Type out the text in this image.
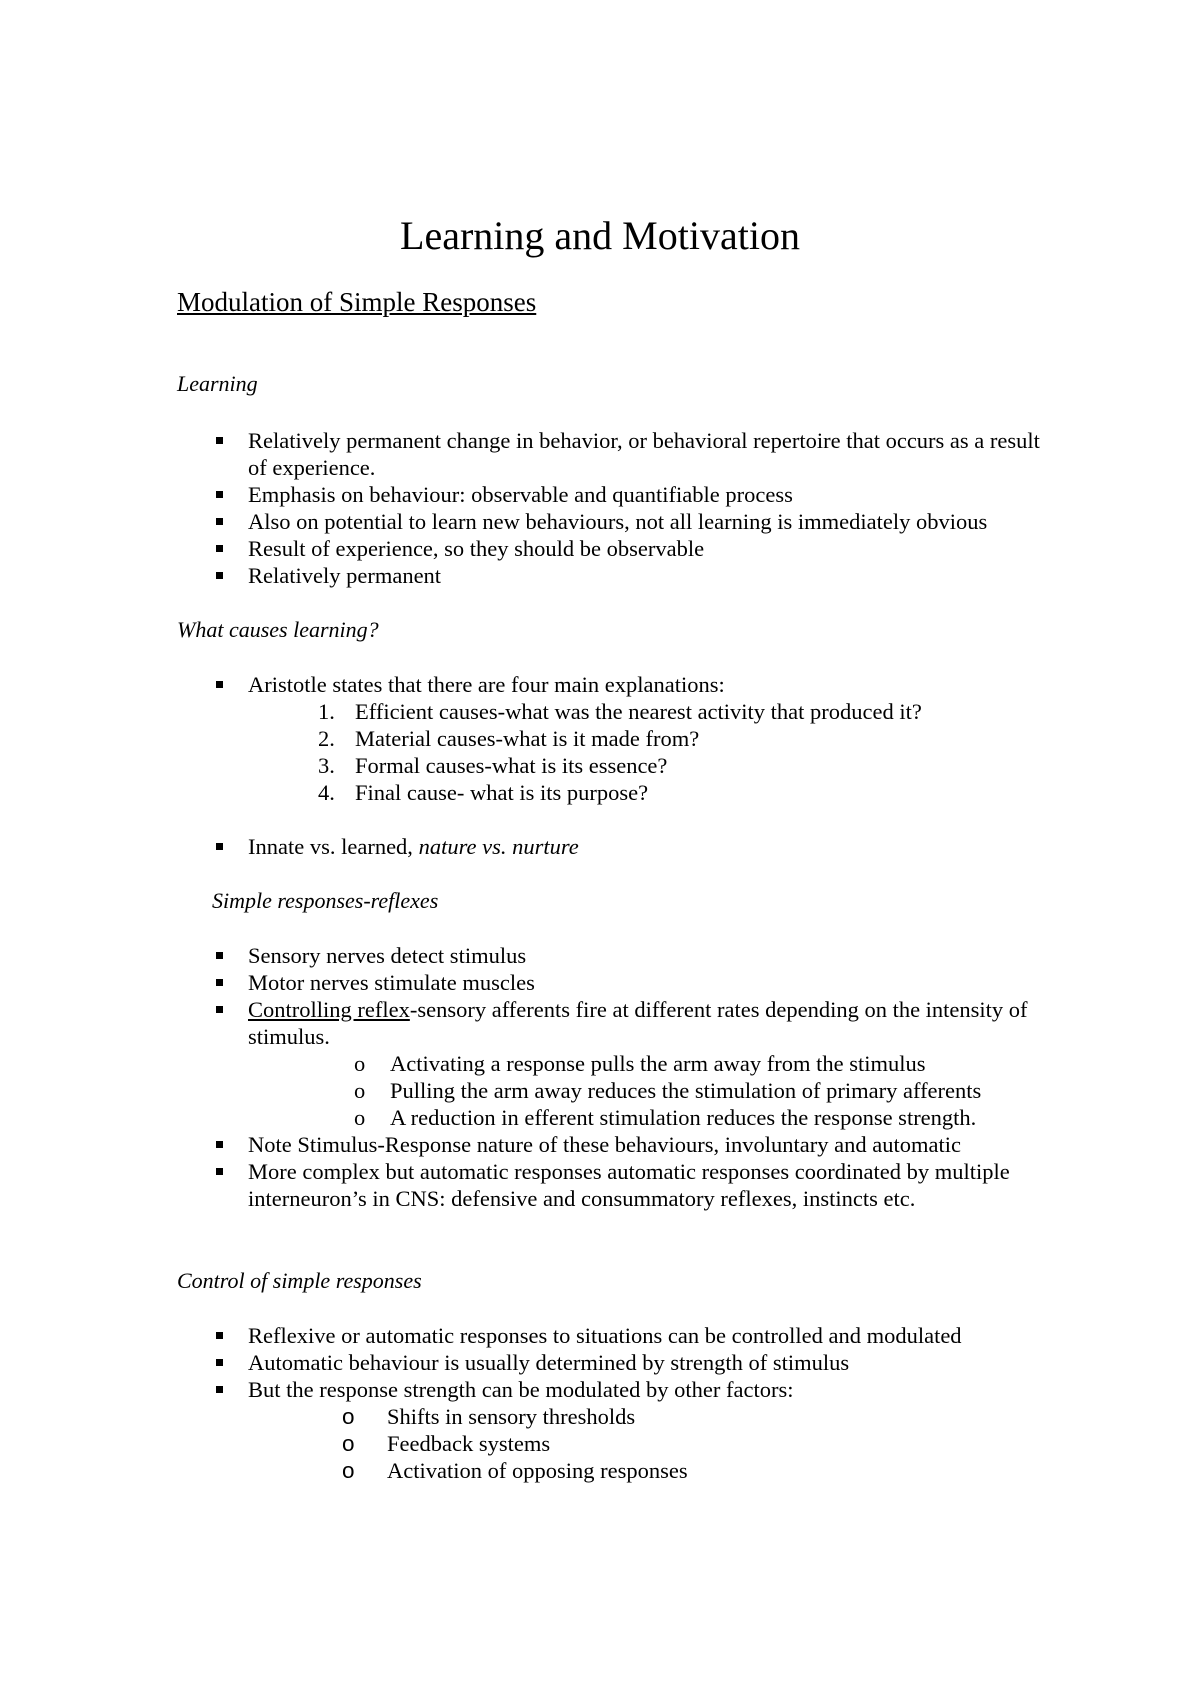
Learning and Motivation
Modulation of Simple Responses
Learning
Relatively permanent change in behavior, or behavioral repertoire that occurs as a result of experience.
Emphasis on behaviour: observable and quantifiable process
Also on potential to learn new behaviours, not all learning is immediately obvious
Result of experience, so they should be observable
Relatively permanent
What causes learning?
Aristotle states that there are four main explanations:
1. Efficient causes-what was the nearest activity that produced it?
2. Material causes-what is it made from?
3. Formal causes-what is its essence?
4. Final cause- what is its purpose?
Innate vs. learned, nature vs. nurture
Simple responses-reflexes
Sensory nerves detect stimulus
Motor nerves stimulate muscles
Controlling reflex-sensory afferents fire at different rates depending on the intensity of stimulus.
o Activating a response pulls the arm away from the stimulus
o Pulling the arm away reduces the stimulation of primary afferents
o A reduction in efferent stimulation reduces the response strength.
Note Stimulus-Response nature of these behaviours, involuntary and automatic
More complex but automatic responses automatic responses coordinated by multiple interneuron’s in CNS: defensive and consummatory reflexes, instincts etc.
Control of simple responses
Reflexive or automatic responses to situations can be controlled and modulated
Automatic behaviour is usually determined by strength of stimulus
But the response strength can be modulated by other factors:
o Shifts in sensory thresholds
o Feedback systems
o Activation of opposing responses
